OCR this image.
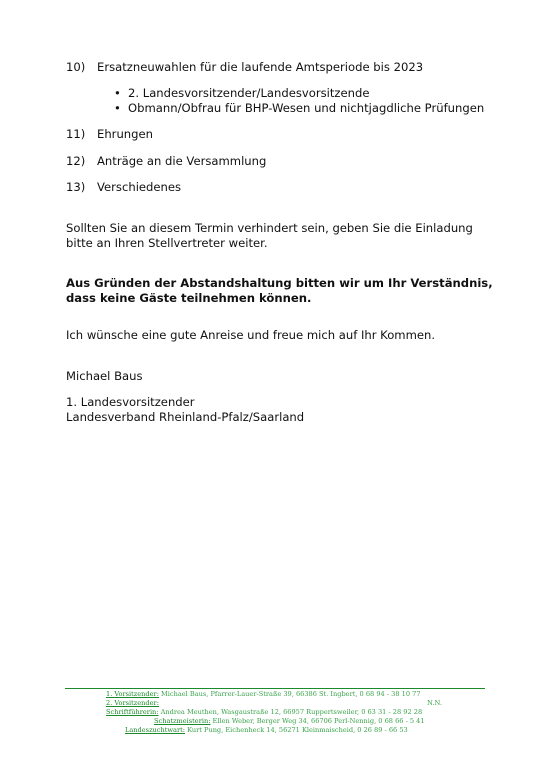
10) Ersatzneuwahlen für die laufende Amtsperiode bis 2023
• 2. Landesvorsitzender/Landesvorsitzende
• Obmann/Obfrau für BHP-Wesen und nichtjagdliche Prüfungen
11) Ehrungen
12) Anträge an die Versammlung
13) Verschiedenes
Sollten Sie an diesem Termin verhindert sein, geben Sie die Einladung
bitte an Ihren Stellvertreter weiter.
Aus Gründen der Abstandshaltung bitten wir um Ihr Verständnis,
dass keine Gäste teilnehmen können.
Ich wünsche eine gute Anreise und freue mich auf Ihr Kommen.
Michael Baus
1. Landesvorsitzender
Landesverband Rheinland-Pfalz/Saarland
1. Vorsitzender: Michael Baus, Pfarrer-Lauer-Straße 39, 66386 St. Ingbert, 0 68 94 - 38 10 77
2. Vorsitzender:	N.N.
Schriftführerin: Andrea Meuthen, Wasgaustraße 12, 66957 Ruppertsweiler, 0 63 31 - 28 92 28
Schatzmeisterin: Ellen Weber, Berger Weg 34, 66706 Perl-Nennig, 0 68 66 - 5 41
Landeszuchtwart: Kurt Pung, Eichenheck 14, 56271 Kleinmaischeid, 0 26 89 - 66 53
